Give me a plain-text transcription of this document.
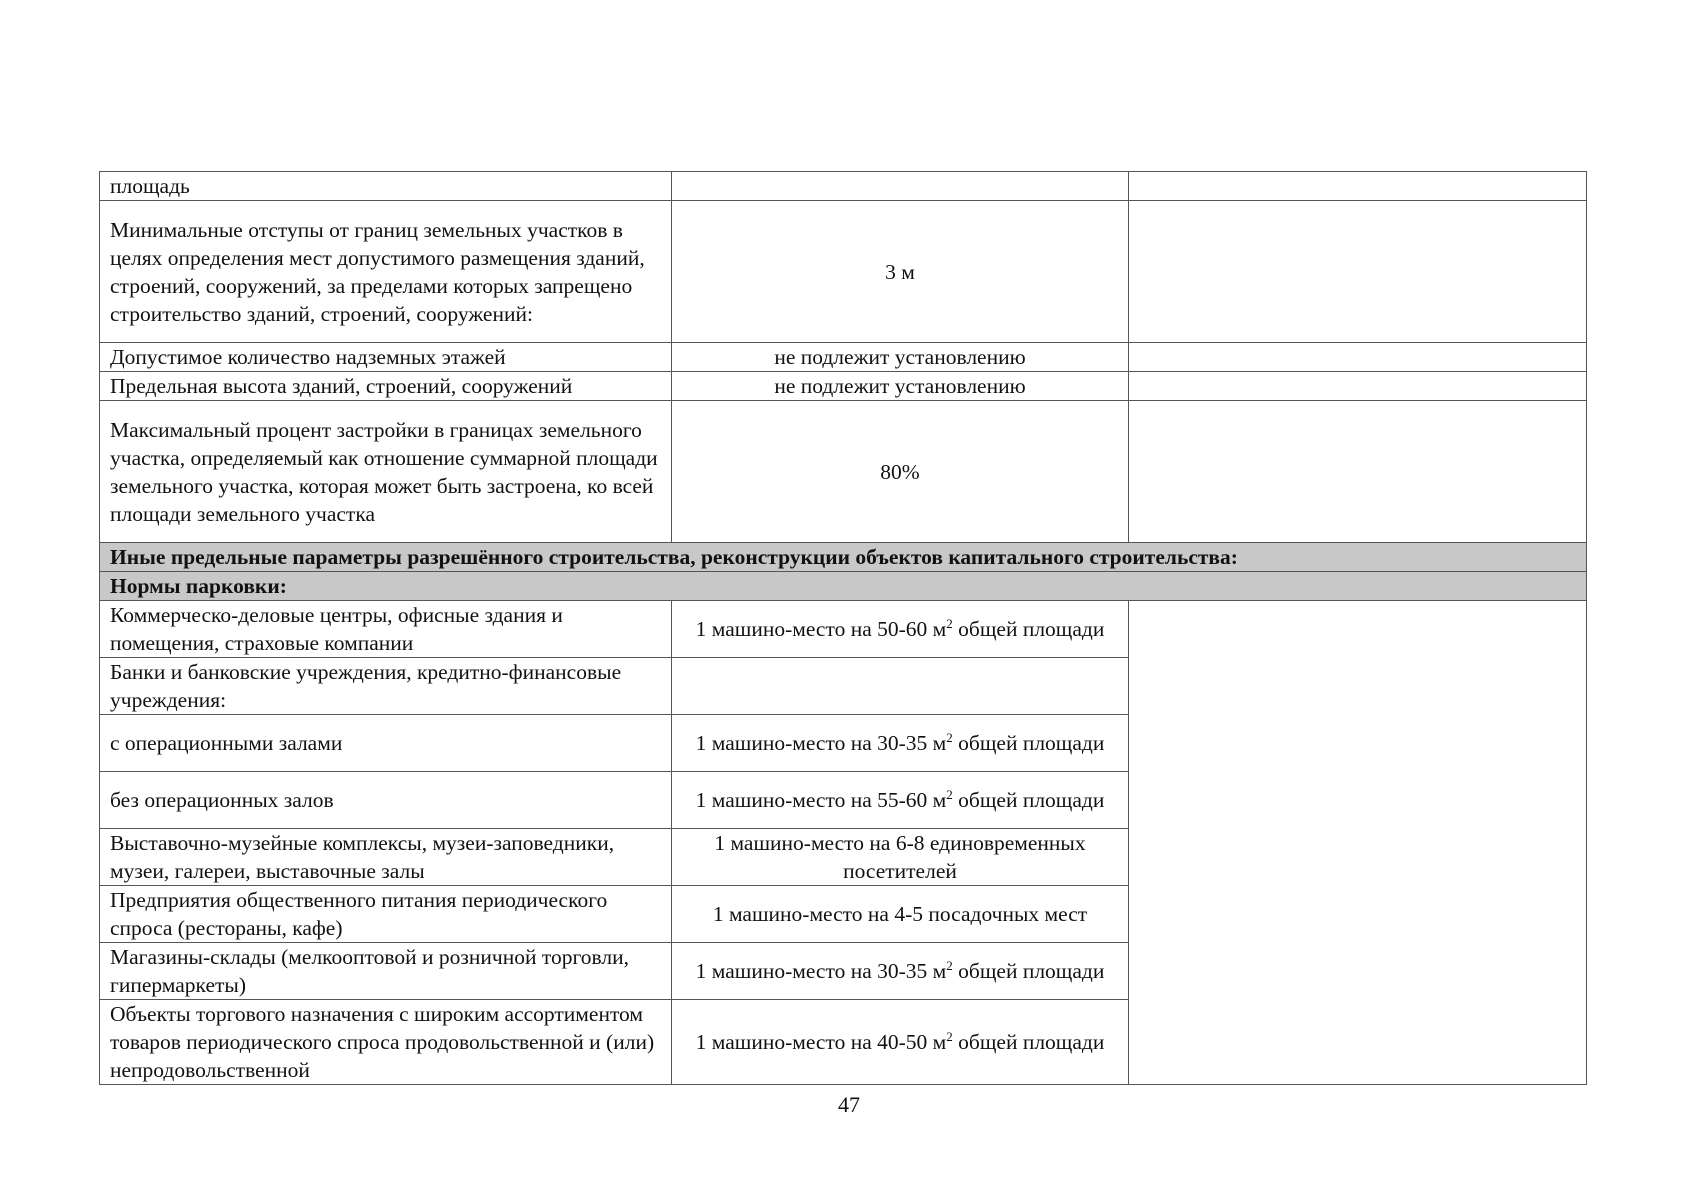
площадь		
Минимальные отступы от границ земельных участков в целях определения мест допустимого размещения зданий, строений, сооружений, за пределами которых запрещено строительство зданий, строений, сооружений:	3 м	
Допустимое количество надземных этажей	не подлежит установлению	
Предельная высота зданий, строений, сооружений	не подлежит установлению	
Максимальный процент застройки в границах земельного участка, определяемый как отношение суммарной площади земельного участка, которая может быть застроена, ко всей площади земельного участка	80%	
Иные предельные параметры разрешённого строительства, реконструкции объектов капитального строительства:		
Нормы парковки:		
Коммерческо-деловые центры, офисные здания и помещения, страховые компании	1 машино-место на 50-60 $м^2$ общей площади	
Банки и банковские учреждения, кредитно-финансовые учреждения:		
с операционными залами	1 машино-место на 30-35 $м^2$ общей площади	
без операционных залов	1 машино-место на 55-60 $м^2$ общей площади	
Выставочно-музейные комплексы, музеи-заповедники, музеи, галереи, выставочные залы	1 машино-место на 6-8 единовременных посетителей	
Предприятия общественного питания периодического спроса (рестораны, кафе)	1 машино-место на 4-5 посадочных мест	
Магазины-склады (мелкооптовой и розничной торговли, гипермаркеты)	1 машино-место на 30-35 $м^2$ общей площади	
Объекты торгового назначения с широким ассортиментом товаров периодического спроса продовольственной и (или) непродовольственной	1 машино-место на 40-50 $м^2$ общей площади	
47
